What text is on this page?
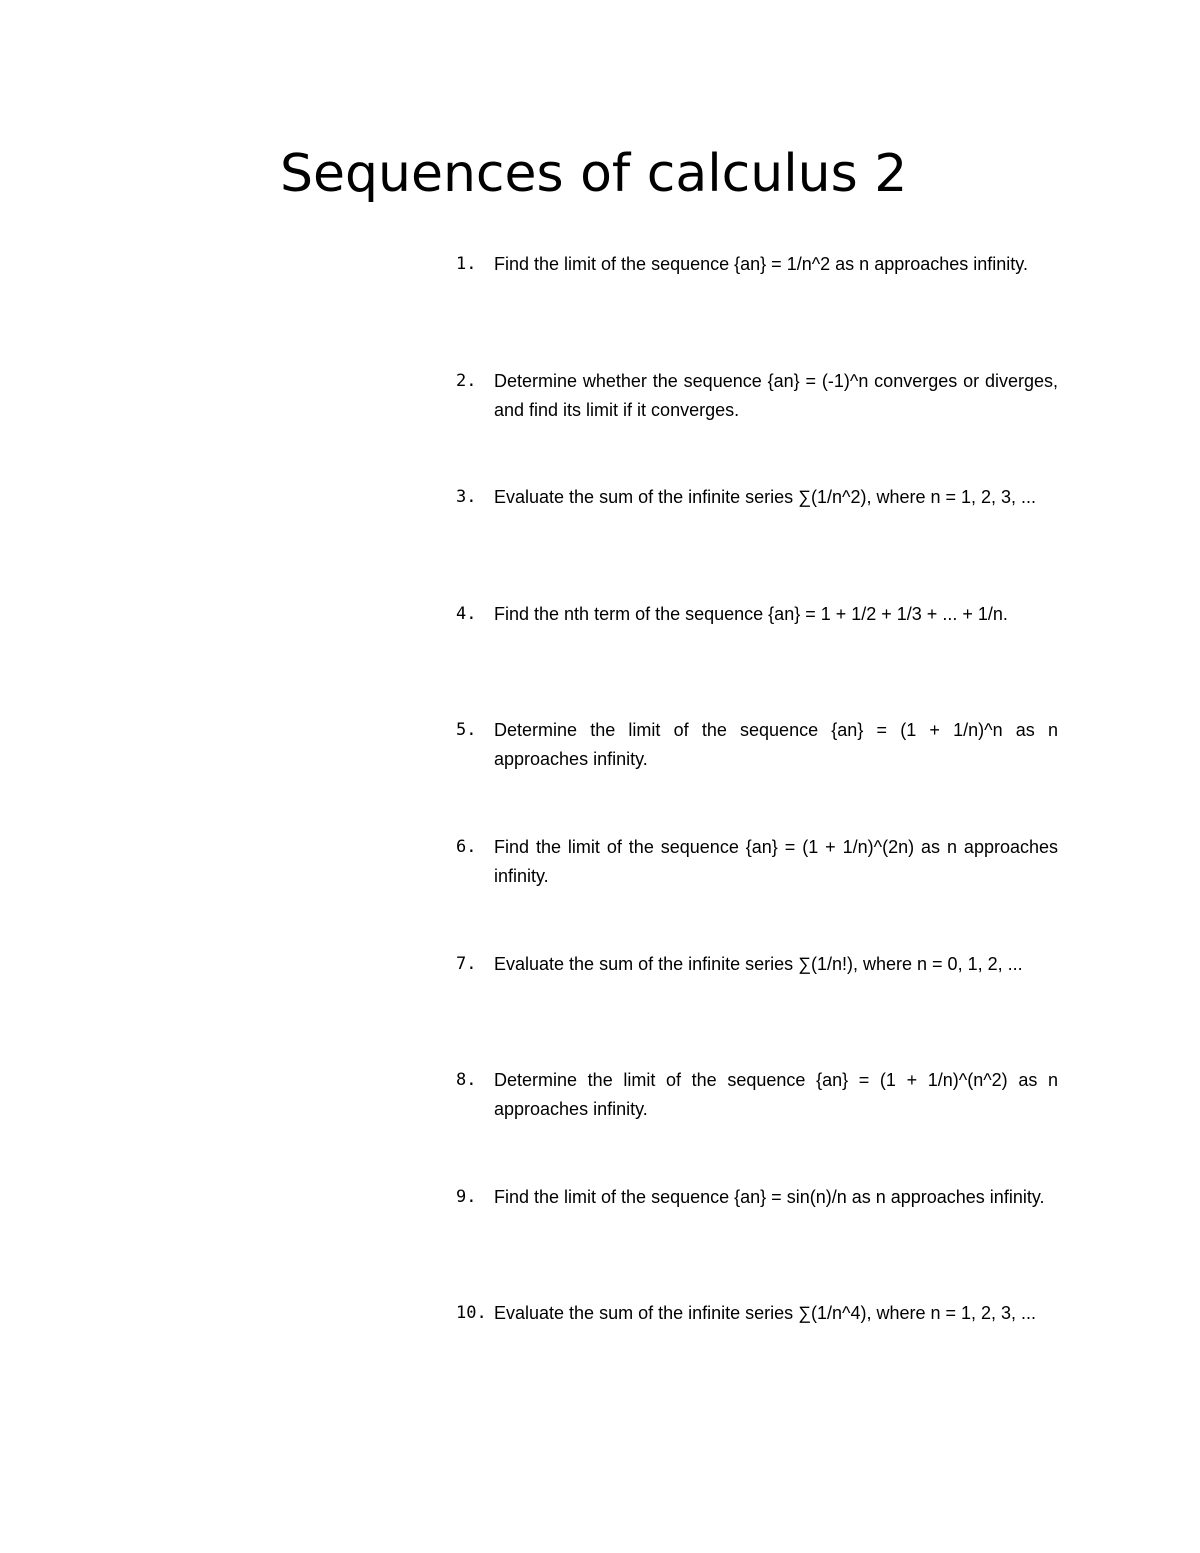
Sequences of calculus 2
1. Find the limit of the sequence {an} = 1/n^2 as n approaches infinity.
2. Determine whether the sequence {an} = (-1)^n converges or diverges, and find its limit if it converges.
3. Evaluate the sum of the infinite series ∑(1/n^2), where n = 1, 2, 3, ...
4. Find the nth term of the sequence {an} = 1 + 1/2 + 1/3 + ... + 1/n.
5. Determine the limit of the sequence {an} = (1 + 1/n)^n as n approaches infinity.
6. Find the limit of the sequence {an} = (1 + 1/n)^(2n) as n approaches infinity.
7. Evaluate the sum of the infinite series ∑(1/n!), where n = 0, 1, 2, ...
8. Determine the limit of the sequence {an} = (1 + 1/n)^(n^2) as n approaches infinity.
9. Find the limit of the sequence {an} = sin(n)/n as n approaches infinity.
10. Evaluate the sum of the infinite series ∑(1/n^4), where n = 1, 2, 3, ...
